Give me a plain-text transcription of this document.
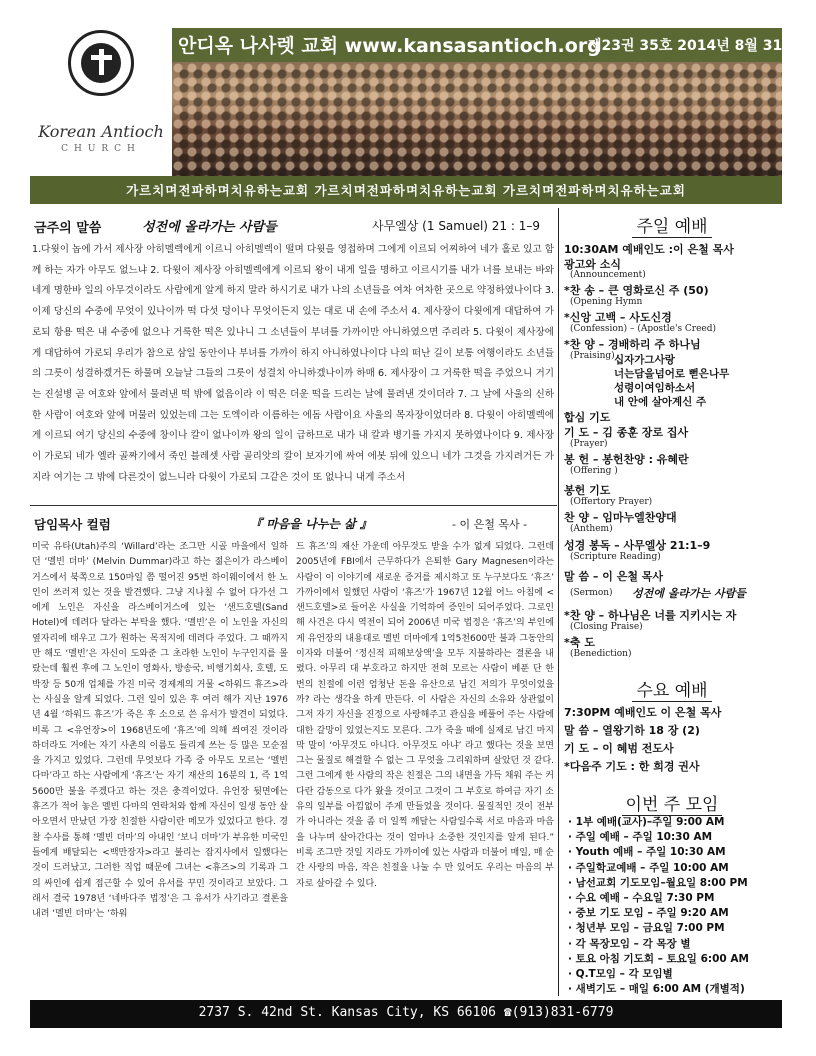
Korean Antioch
CHURCH
안디옥 나사렛 교회 www.kansasantioch.org
제23권 35호 2014년 8월 31일
가르치며전파하며치유하는교회 가르치며전파하며치유하는교회 가르치며전파하며치유하는교회
금주의 말씀	성전에 올라가는 사람들	사무엘상 (1 Samuel) 21 : 1–9
1.다윗이 놉에 가서 제사장 아히멜렉에게 이르니 아히멜렉이 떨며 다윗을 영접하며 그에게 이르되 어찌하여 네가 홀로 있고 함께 하는 자가 아무도 없느냐 2. 다윗이 제사장 아히멜렉에게 이르되 왕이 내게 일을 명하고 이르시기를 내가 너를 보내는 바와 네게 명한바 일의 아무것이라도 사람에게 알게 하지 말라 하시기로 내가 나의 소년들을 여차 여차한 곳으로 약정하였나이다 3. 이제 당신의 수중에 무엇이 있나이까 떡 다섯 덩이나 무엇이든지 있는 대로 내 손에 주소서 4. 제사장이 다윗에게 대답하여 가로되 항용 떡은 내 수중에 없으나 거룩한 떡은 있나니 그 소년들이 부녀를 가까이만 아니하였으면 주리라 5. 다윗이 제사장에게 대답하여 가로되 우리가 참으로 삼일 동안이나 부녀를 가까이 하지 아니하였나이다 나의 떠난 길이 보통 여행이라도 소년들의 그릇이 성결하겠거든 하물며 오늘날 그들의 그릇이 성결치 아니하겠나이까 하매 6. 제사장이 그 거룩한 떡을 주었으니 거기는 진설병 곧 여호와 앞에서 물려낸 떡 밖에 없음이라 이 떡은 더운 떡을 드리는 날에 물려낸 것이더라 7. 그 날에 사울의 신하 한 사람이 여호와 앞에 머물러 있었는데 그는 도엑이라 이름하는 에돔 사람이요 사울의 목자장이었더라 8. 다윗이 아히멜렉에게 이르되 여기 당신의 수중에 창이나 칼이 없나이까 왕의 일이 급하므로 내가 내 칼과 병기를 가지지 못하였나이다 9. 제사장이 가로되 네가 엘라 골짜기에서 죽인 블레셋 사람 골리앗의 칼이 보자기에 싸여 에봇 뒤에 있으니 네가 그것을 가지려거든 가지라 여기는 그 밖에 다른것이 없느니라 다윗이 가로되 그같은 것이 또 없나니 내게 주소서
담임목사 컬럼	『 마음을 나누는 삶 』	- 이 은철 목사 -
미국 유타(Utah)주의 ‘Willard’라는 조그만 시골 마을에서 일하던 ‘멜빈 더마’ (Melvin Dummar)라고 하는 젊은이가 라스베이거스에서 북쪽으로 150마일 쯤 떨어진 95번 하이웨이에서 한 노인이 쓰러져 있는 것을 발견했다. 그냥 지나칠 수 없어 다가선 그에게 노인은 자신을 라스베이거스에 있는 ‘샌드호텔(Sand Hotel)에 데려다 달라는 부탁을 했다. ‘멜빈’은 이 노인을 자신의 옆자리에 태우고 그가 원하는 목적지에 데려다 주었다. 그 때까지만 해도 ‘멜빈’은 자신이 도와준 그 초라한 노인이 누구인지를 몰랐는데 훨씬 후에 그 노인이 영화사, 방송국, 비행기회사, 호텔, 도박장 등 50개 업체를 가진 미국 경제계의 거물 <하워드 휴즈>라는 사실을 알게 되었다. 그런 일이 있은 후 여러 해가 지난 1976년 4월 ‘하워드 휴즈’가 죽은 후 소으로 쓴 유서가 발견이 되었다. 비록 그 <유언장>이 1968년도에 ‘휴즈’에 의해 씌여진 것이라 하더라도 거에는 자기 사촌의 이름도 들리게 쓰는 등 많은 모순점을 가지고 있었다. 그런데 무엇보다 가족 중 아무도 모르는 ‘멜빈 다마’라고 하는 사람에게 ‘휴즈’는 자기 재산의 16분의 1, 즉 1억5600만 불을 주겠다고 하는 것은 충격이었다. 유언장 뒷면에는 휴즈가 적어 놓은 멜빈 다마의 연락처와 함께 자신이 일생 동안 살아오면서 만났던 가장 친절한 사람이란 메모가 있었다고 한다. 경찰 수사를 통해 ‘멜빈 더마’의 아내인 ‘보니 더마’가 부유한 미국인들에게 배달되는 <백만장자>라고 불리는 잡지사에서 일했다는 것이 드러났고, 그러한 직업 때문에 그녀는 <휴즈>의 기록과 그의 싸인에 쉽게 접근할 수 있어 유서를 꾸민 것이라고 보았다. 그래서 결국 1978년 ‘네바다주 법정’은 그 유서가 사기라고 결론을 내려 ‘멜빈 더마’는 ‘하워
드 휴즈’의 재산 가운데 아무것도 받을 수가 없게 되었다. 그런데 2005년에 FBI에서 근무하다가 은퇴한 Gary Magnesen이라는 사람이 이 이야기에 새로운 증거를 제시하고 또 누구보다도 ‘휴즈’ 가까이에서 일했던 사람이 ‘휴즈’가 1967년 12월 어느 아침에 <샌드호텔>로 들어온 사실을 기억하여 증인이 되어주었다. 그로인해 사건은 다시 역전이 되어 2006년 미국 법정은 ‘휴즈’의 부인에게 유언장의 내용대로 멜빈 더마에게 1억5천600만 불과 그동안의 이자와 더불어 ‘정신적 피해보상액’을 모두 지불하라는 결론을 내렸다. 아무리 대 부호라고 하지만 전혀 모르는 사람이 베푼 단 한 번의 친절에 이런 엄청난 돈을 유산으로 남긴 저의가 무엇이었을까? 라는 생각을 하게 만든다. 이 사람은 자신의 소유와 상관없이 그저 자기 자신을 진정으로 사랑해주고 관심을 베풀어 주는 사람에 대한 갈망이 있었는지도 모른다. 그가 죽을 때에 실제로 남긴 마지막 말이 ‘아무것도 아니다. 아무것도 아냐’ 라고 했다는 것을 보면 그는 물질로 해결할 수 없는 그 무엇을 그리워하며 살았던 것 같다. 그런 그에게 한 사람의 작은 친절은 그의 내면을 가득 채워 주는 커다란 감동으로 다가 왔을 것이고 그것이 그 부호로 하여금 자기 소유의 일부를 아낌없이 주게 만들었을 것이다. 물질적인 것이 전부가 아니라는 것을 좀 더 일찍 깨달는 사람일수록 서로 마음과 마음을 나누며 살아간다는 것이 얼마나 소중한 것인지를 알게 된다.” 비록 조그만 것일 지라도 가까이에 있는 사람과 더불어 매일, 매 순간 사랑의 마음, 작은 친절을 나눌 수 만 있어도 우리는 마음의 부자로 살아갈 수 있다.
주일 예배
10:30AM 예배인도 :이 은철 목사
광고와 소식
(Announcement)
*찬 송 – 큰 영화로신 주 (50)
(Opening Hymn
*신앙 고백 – 사도신경
(Confession) – (Apostle's Creed)
*찬 양 – 경배하리 주 하나님
(Praising)
합심 기도
기 도 – 김 종훈 장로 집사
(Prayer)
봉 헌 – 봉헌찬양 : 유혜란
(Offering )
봉헌 기도
(Offertory Prayer)
찬 양 – 임마누엘찬양대
(Anthem)
성경 봉독 – 사무엘상 21:1–9
(Scripture Reading)
말 씀 – 이 은철 목사
(Sermon) 성전에 올라가는 사람들
*찬 양 – 하나님은 너를 지키시는 자
(Closing Praise)
*축 도
(Benediction)
십자가그사랑
너는담을넘어로 뻗은나무
성령이여임하소서
내 안에 살아계신 주
수요 예배
7:30PM 예배인도 이 은철 목사
말 씀 – 열왕기하 18 장 (2)
기 도 – 이 혜범 전도사
*다음주 기도 : 한 희경 권사
이번 주 모임
· 1부 예배(교사)–주일 9:00 AM
· 주일 예배 – 주일 10:30 AM
· Youth 예배 – 주일 10:30 AM
· 주일학교예배 – 주일 10:00 AM
· 남선교회 기도모임–월요일 8:00 PM
· 수요 예배 – 수요일 7:30 PM
· 중보 기도 모임 – 주일 9:20 AM
· 청년부 모임 – 금요일 7:00 PM
· 각 목장모임 – 각 목장 별
· 토요 아침 기도회 – 토요일 6:00 AM
· Q.T모임 – 각 모임별
· 새벽기도 – 매일 6:00 AM (개별적)
2737 S. 42nd St. Kansas City, KS 66106 ☎(913)831-6779
